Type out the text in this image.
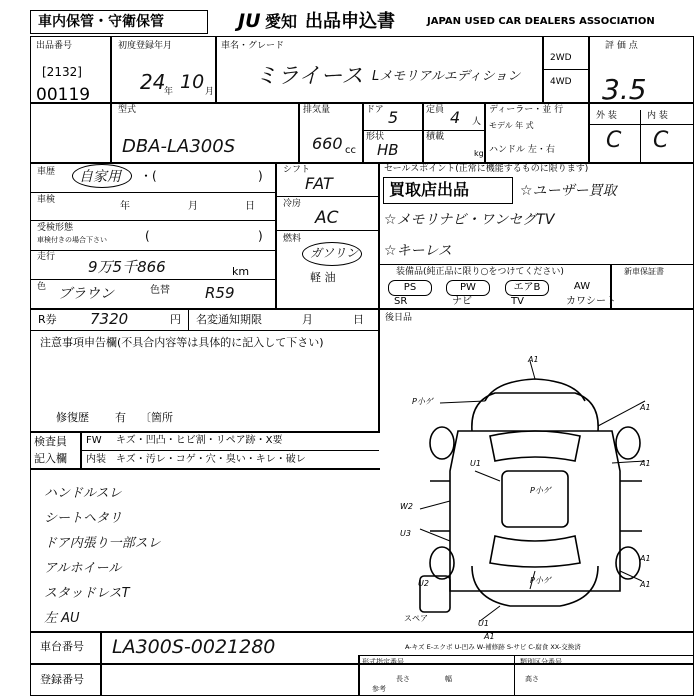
車内保管・守衛保管	JU 愛知 出品申込書	JAPAN USED CAR DEALERS ASSOCIATION
出品番号
[2132]
00119
初度登録年月
24
年 10 月
車名・グレード
ミライース Lメモリアルエディション
2WD
4WD
評 価 点
3.5
外 装	内 装
C C
型式
DBA-LA300S
排気量
660 cc
ドア 5	定員 4 人
形状
HB
積載
kg
ディーラー・並 行
モデル 年 式
ハンドル 左・右
車歴 自家用 ・(	)
車検
年	月	日
受検形態
車検付きの場合下さい	(	)
走行
9万5千866	km
色 ブラウン	色替 R59
シフト
FAT
冷房
AC
燃料
ガソリン
軽 油
セールスポイント(正常に機能するものに限ります)
買取店出品	☆ユーザー買取
☆メモリナビ・ワンセグTV
☆キーレス
装備品(純正品に限り○をつけてください)	新車保証書
PS	PW	エアB	AW
SR	ナビ	TV	カワシート
R券 7320	円 名変通知期限	月	日 後日品
注意事項申告欄(不具合内容等は具体的に記入して下さい)
修復歴 有 〔箇所
検査員
記入欄
FW キズ・凹凸・ヒビ割・リペア跡・X要
内装 キズ・汚レ・コゲ・穴・臭い・キレ・破レ
ハンドルスレ
シートヘタリ
ドア内張り一部スレ
アルホイール
スタッドレスT
左 AU
A1
P小ゲ
A1
U1
P小ゲ
A1
W2
U3
U2	P小ゲ	A1
A1
U1
A1
スペア
A-キズ E-エクボ U-凹み W-補修跡 S-サビ C-腐食 XX-交換済
車台番号 LA300S-0021280
登録番号
形式指定番号	類別区分番号
参考
長さ	幅	高さ
